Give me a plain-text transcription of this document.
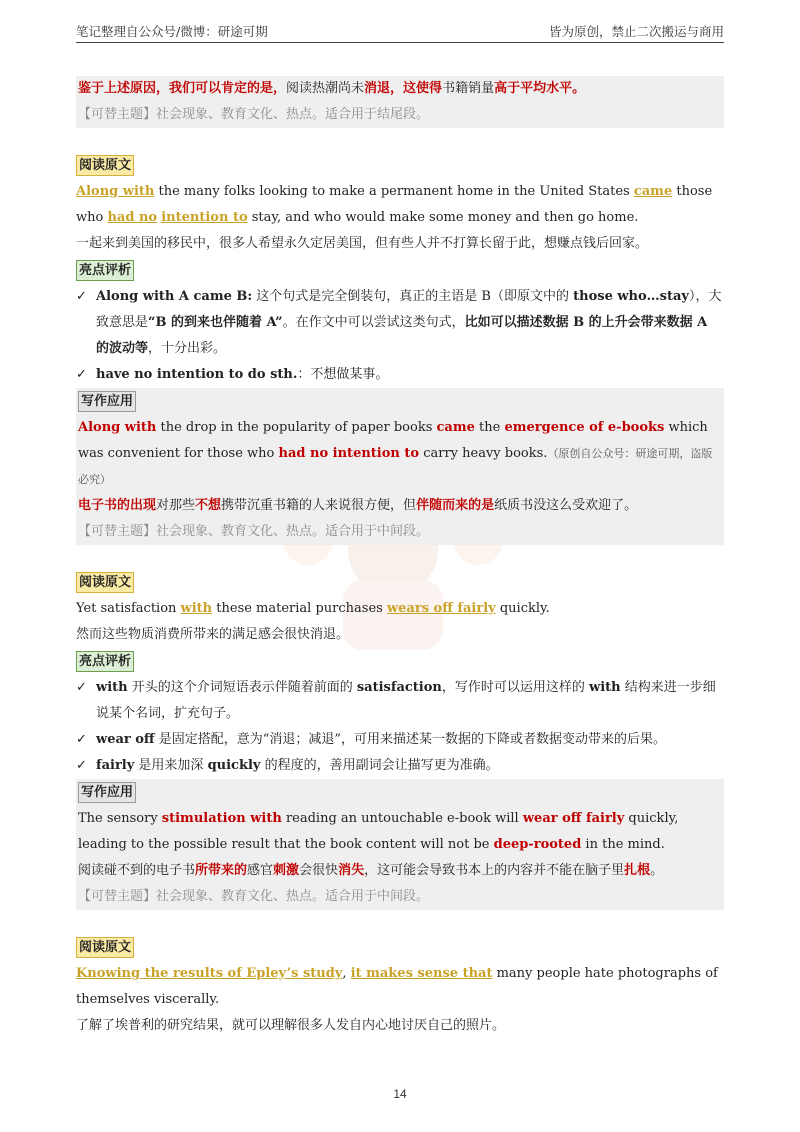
笔记整理自公众号/微博：研途可期	皆为原创，禁止二次搬运与商用
鉴于上述原因，我们可以肯定的是，阅读热潮尚未消退，这使得书籍销量高于平均水平。
【可替主题】社会现象、教育文化、热点。适合用于结尾段。
阅读原文
Along with the many folks looking to make a permanent home in the United States came those who had no intention to stay, and who would make some money and then go home.
一起来到美国的移民中，很多人希望永久定居美国，但有些人并不打算长留于此，想赚点钱后回家。
亮点评析
✓ Along with A came B: 这个句式是完全倒装句，真正的主语是 B（即原文中的 those who…stay），大致意思是“B 的到来也伴随着 A”。在作文中可以尝试这类句式，比如可以描述数据 B 的上升会带来数据 A 的波动等，十分出彩。
✓ have no intention to do sth.：不想做某事。
写作应用
Along with the drop in the popularity of paper books came the emergence of e-books which was convenient for those who had no intention to carry heavy books.（原创自公众号：研途可期，盗版必究）
电子书的出现对那些不想携带沉重书籍的人来说很方便，但伴随而来的是纸质书没这么受欢迎了。
【可替主题】社会现象、教育文化、热点。适合用于中间段。
阅读原文
Yet satisfaction with these material purchases wears off fairly quickly.
然而这些物质消费所带来的满足感会很快消退。
亮点评析
✓ with 开头的这个介词短语表示伴随着前面的 satisfaction，写作时可以运用这样的 with 结构来进一步细说某个名词，扩充句子。
✓ wear off 是固定搭配，意为“消退；减退”，可用来描述某一数据的下降或者数据变动带来的后果。
✓ fairly 是用来加深 quickly 的程度的，善用副词会让描写更为准确。
写作应用
The sensory stimulation with reading an untouchable e-book will wear off fairly quickly, leading to the possible result that the book content will not be deep-rooted in the mind.
阅读碰不到的电子书所带来的感官刺激会很快消失，这可能会导致书本上的内容并不能在脑子里扎根。
【可替主题】社会现象、教育文化、热点。适合用于中间段。
阅读原文
Knowing the results of Epley’s study, it makes sense that many people hate photographs of themselves viscerally.
了解了埃普利的研究结果，就可以理解很多人发自内心地讨厌自己的照片。
14
